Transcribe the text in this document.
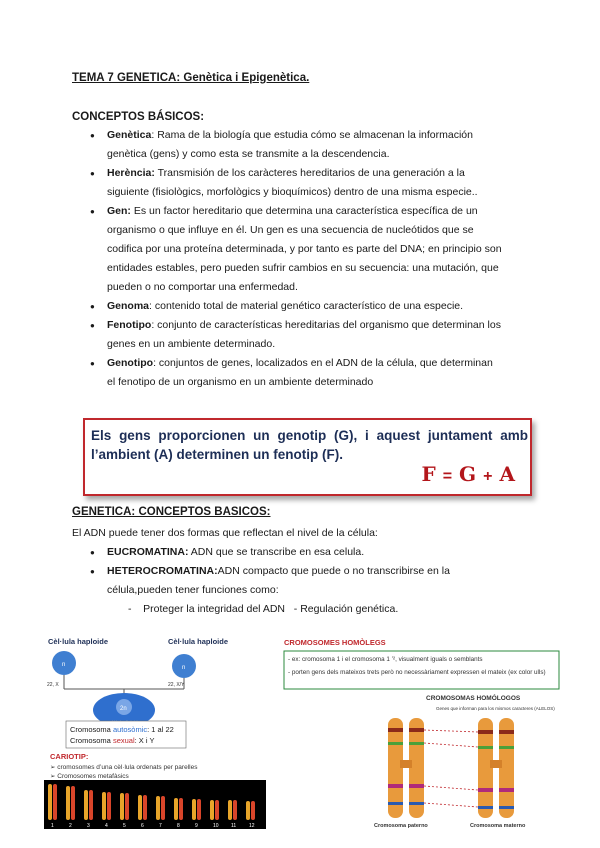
TEMA 7 GENETICA: Genètica i Epigenètica.
CONCEPTOS BÁSICOS:
● Genètica: Rama de la biología que estudia cómo se almacenan la información
genètica (gens) y como esta se transmite a la descendencia.
● Herència: Transmisión de los caràcteres hereditarios de una generación a la
siguiente (fisiològics, morfològics y bioquímicos) dentro de una misma especie..
● Gen: Es un factor hereditario que determina una característica específica de un
organismo o que influye en él. Un gen es una secuencia de nucleótidos que se
codifica por una proteína determinada, y por tanto es parte del DNA; en principio son
entidades estables, pero pueden sufrir cambios en su secuencia: una mutación, que
pueden o no comportar una enfermedad.
● Genoma: contenido total de material genético característico de una especie.
● Fenotipo: conjunto de características hereditarias del organismo que determinan los
genes en un ambiente determinado.
● Genotipo: conjuntos de genes, localizados en el ADN de la célula, que determinan
el fenotipo de un organismo en un ambiente determinado
Els gens proporcionen un genotip (G), i aquest juntament amb l’ambient (A) determinen un fenotip (F).
F = G + A
GENETICA: CONCEPTOS BASICOS:
El ADN puede tener dos formas que reflectan el nivel de la célula:
● EUCROMATINA: ADN que se transcribe en esa celula.
● HETEROCROMATINA:ADN compacto que puede o no transcribirse en la
célula,pueden tener funciones como:
- Proteger la integridad del ADN - Regulación genética.
Cèl·lula haploide
n
22, X
Cèl·lula haploide
n
22, X/Y
2n
Cromosoma autosòmic: 1 al 22
Cromosoma sexual: X i Y
CARIOTIP:
➢ cromosomes d’una cèl·lula ordenats per parelles
➢ Cromosomes metafàsics
1	2	3	4	5	6	7	8	9	10 11	12
CROMOSOMES HOMÒLEGS
- ex: cromosoma 1 i el cromosoma 1 ’², visualment iguals o semblants
- porten gens dels mateixos trets però no necessàriament expressen el mateix (ex color ulls)
CROMOSOMAS HOMÓLOGOS
Genes que informan para los mismos caracteres (ALELOS)
Cromosoma paterno	Cromosoma materno
